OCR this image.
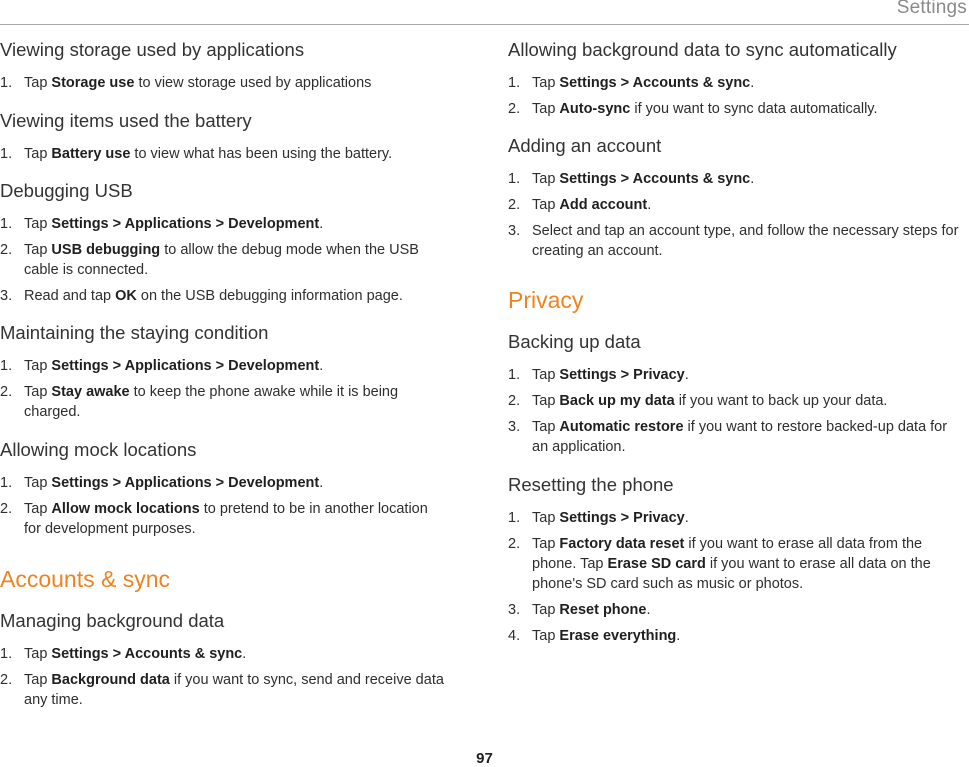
Settings
Viewing storage used by applications
1. Tap Storage use to view storage used by applications
Viewing items used the battery
1. Tap Battery use to view what has been using the battery.
Debugging USB
1. Tap Settings > Applications > Development.
2. Tap USB debugging to allow the debug mode when the USB cable is connected.
3. Read and tap OK on the USB debugging information page.
Maintaining the staying condition
1. Tap Settings > Applications > Development.
2. Tap Stay awake to keep the phone awake while it is being charged.
Allowing mock locations
1. Tap Settings > Applications > Development.
2. Tap Allow mock locations to pretend to be in another location for development purposes.
Accounts & sync
Managing background data
1. Tap Settings > Accounts & sync.
2. Tap Background data if you want to sync, send and receive data any time.
Allowing background data to sync automatically
1. Tap Settings > Accounts & sync.
2. Tap Auto-sync if you want to sync data automatically.
Adding an account
1. Tap Settings > Accounts & sync.
2. Tap Add account.
3. Select and tap an account type, and follow the necessary steps for creating an account.
Privacy
Backing up data
1. Tap Settings > Privacy.
2. Tap Back up my data if you want to back up your data.
3. Tap Automatic restore if you want to restore backed-up data for an application.
Resetting the phone
1. Tap Settings > Privacy.
2. Tap Factory data reset if you want to erase all data from the phone. Tap Erase SD card if you want to erase all data on the phone's SD card such as music or photos.
3. Tap Reset phone.
4. Tap Erase everything.
97
